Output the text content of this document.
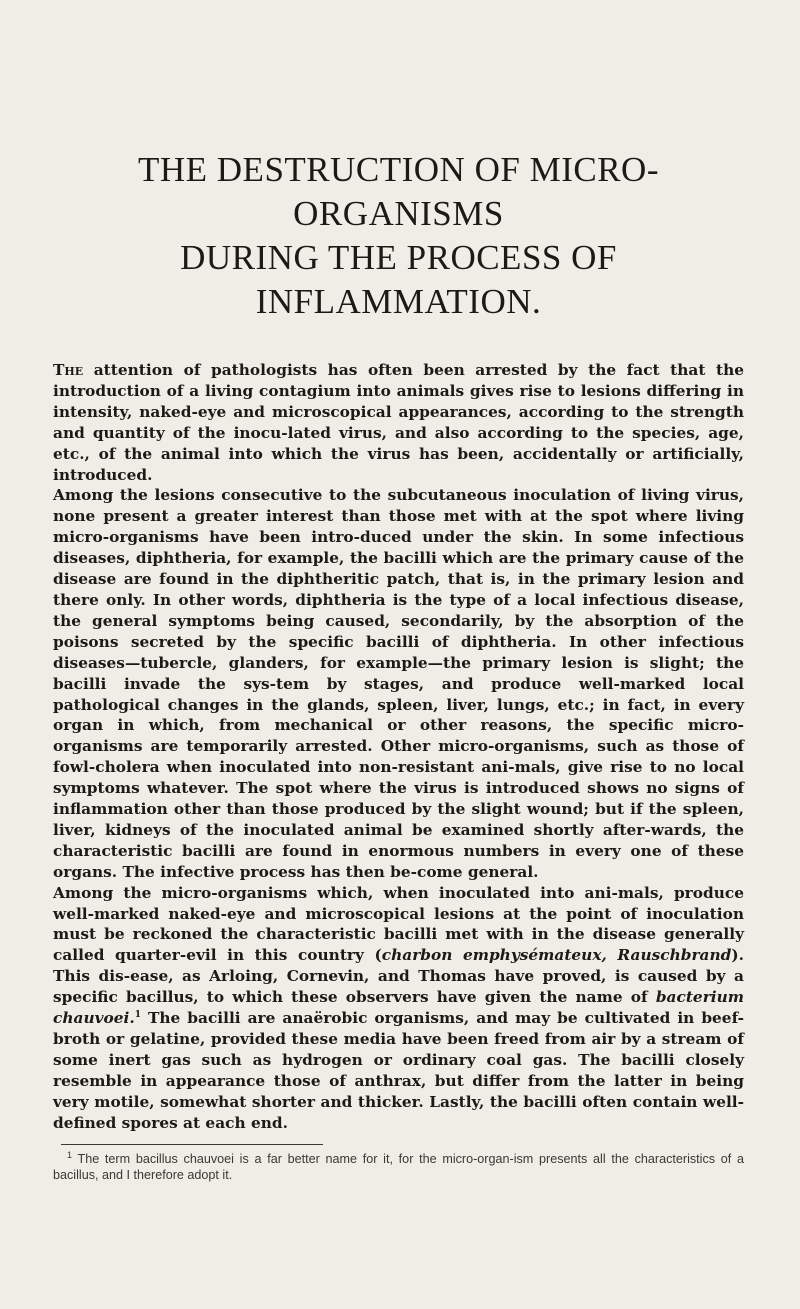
THE DESTRUCTION OF MICRO-ORGANISMS
DURING THE PROCESS OF
INFLAMMATION.

The attention of pathologists has often been arrested by the fact that the introduction of a living contagium into animals gives rise to lesions differing in intensity, naked-eye and microscopical appearances, according to the strength and quantity of the inocu-lated virus, and also according to the species, age, etc., of the animal into which the virus has been, accidentally or artificially, introduced.

Among the lesions consecutive to the subcutaneous inoculation of living virus, none present a greater interest than those met with at the spot where living micro-organisms have been intro-duced under the skin. In some infectious diseases, diphtheria, for example, the bacilli which are the primary cause of the disease are found in the diphtheritic patch, that is, in the primary lesion and there only. In other words, diphtheria is the type of a local infectious disease, the general symptoms being caused, secondarily, by the absorption of the poisons secreted by the specific bacilli of diphtheria. In other infectious diseases—tubercle, glanders, for example—the primary lesion is slight; the bacilli invade the sys-tem by stages, and produce well-marked local pathological changes in the glands, spleen, liver, lungs, etc.; in fact, in every organ in which, from mechanical or other reasons, the specific micro-organisms are temporarily arrested. Other micro-organisms, such as those of fowl-cholera when inoculated into non-resistant ani-mals, give rise to no local symptoms whatever. The spot where the virus is introduced shows no signs of inflammation other than those produced by the slight wound; but if the spleen, liver, kidneys of the inoculated animal be examined shortly after-wards, the characteristic bacilli are found in enormous numbers in every one of these organs. The infective process has then be-come general.

Among the micro-organisms which, when inoculated into ani-mals, produce well-marked naked-eye and microscopical lesions at the point of inoculation must be reckoned the characteristic bacilli met with in the disease generally called quarter-evil in this country (charbon emphysémateux, Rauschbrand). This dis-ease, as Arloing, Cornevin, and Thomas have proved, is caused by a specific bacillus, to which these observers have given the name of bacterium chauvoei.$^1$ The bacilli are anaërobic organisms, and may be cultivated in beef-broth or gelatine, provided these media have been freed from air by a stream of some inert gas such as hydrogen or ordinary coal gas. The bacilli closely resemble in appearance those of anthrax, but differ from the latter in being very motile, somewhat shorter and thicker. Lastly, the bacilli often contain well-defined spores at each end.

$^1$ The term bacillus chauvoei is a far better name for it, for the micro-organ-ism presents all the characteristics of a bacillus, and I therefore adopt it.
